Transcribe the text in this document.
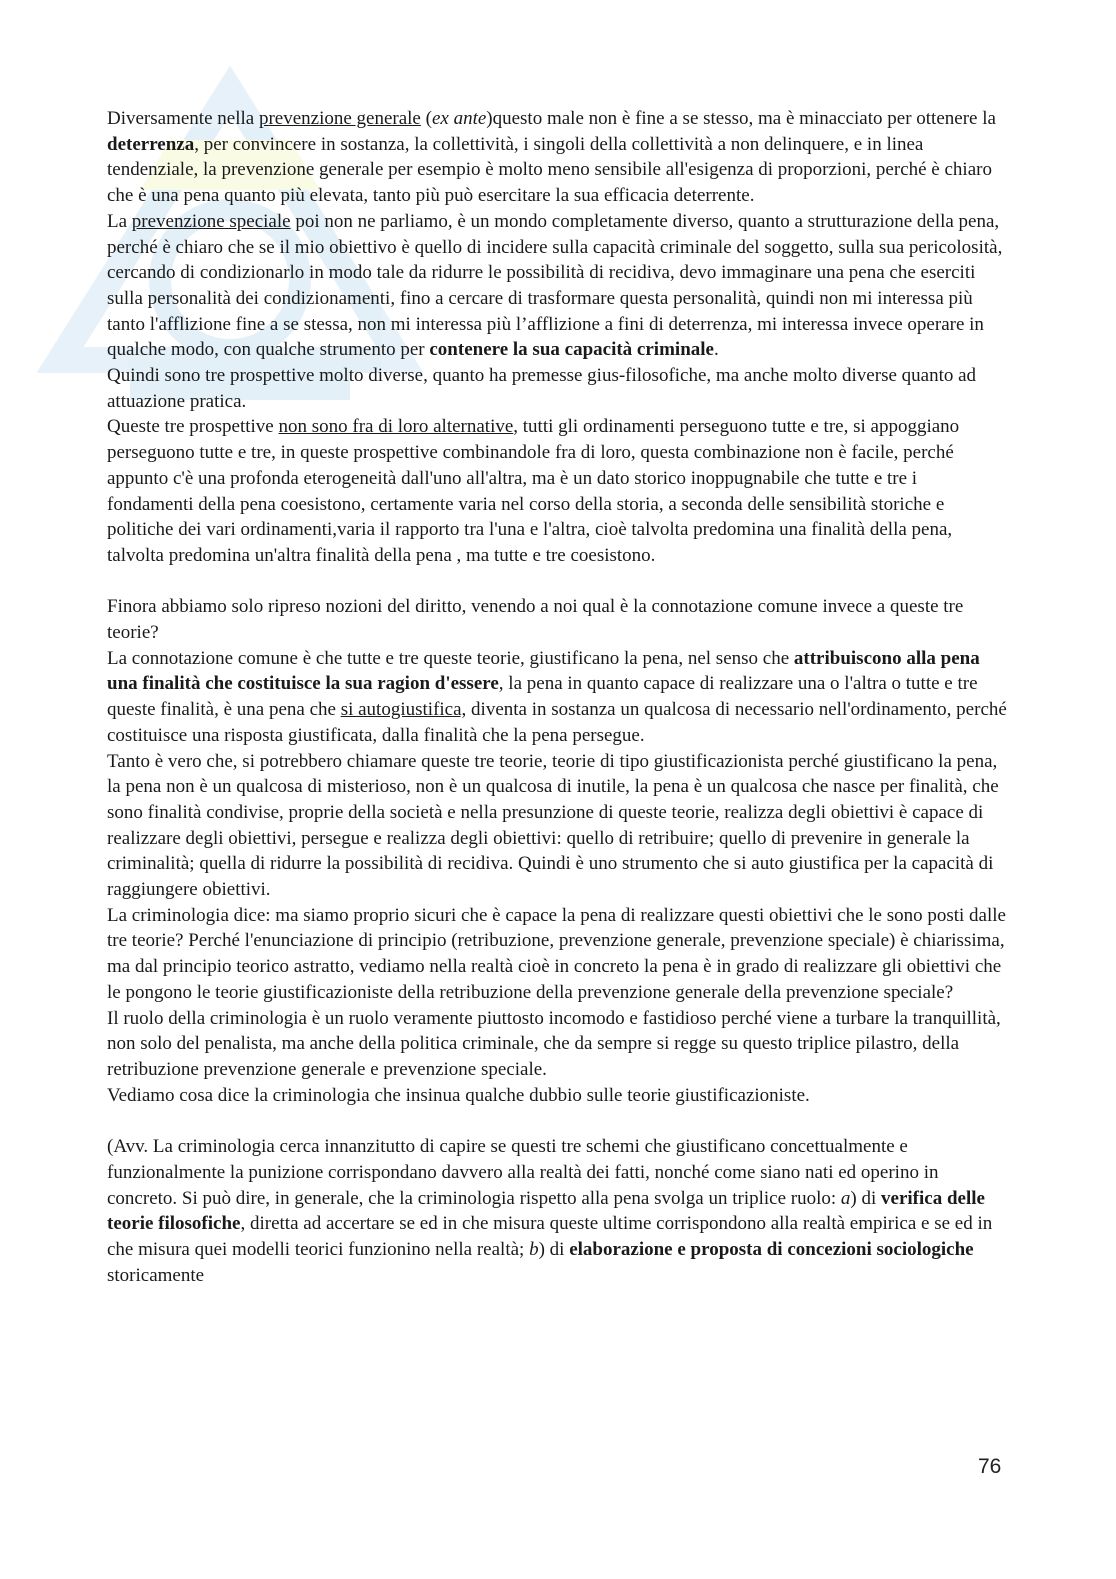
Diversamente nella prevenzione generale (ex ante)questo male non è fine a se stesso, ma è minacciato per ottenere la deterrenza, per convincere in sostanza, la collettività, i singoli della collettività a non delinquere, e in linea tendenziale, la prevenzione generale per esempio è molto meno sensibile all'esigenza di proporzioni, perché è chiaro che è una pena quanto più elevata, tanto più può esercitare la sua efficacia deterrente.

La prevenzione speciale poi non ne parliamo, è un mondo completamente diverso, quanto a strutturazione della pena, perché è chiaro che se il mio obiettivo è quello di incidere sulla capacità criminale del soggetto, sulla sua pericolosità, cercando di condizionarlo in modo tale da ridurre le possibilità di recidiva, devo immaginare una pena che eserciti sulla personalità dei condizionamenti, fino a cercare di trasformare questa personalità, quindi non mi interessa più tanto l'afflizione fine a se stessa, non mi interessa più l’afflizione a fini di deterrenza, mi interessa invece operare in qualche modo, con qualche strumento per contenere la sua capacità criminale.

Quindi sono tre prospettive molto diverse, quanto ha premesse gius-filosofiche, ma anche molto diverse quanto ad attuazione pratica.

Queste tre prospettive non sono fra di loro alternative, tutti gli ordinamenti perseguono tutte e tre, si appoggiano perseguono tutte e tre, in queste prospettive combinandole fra di loro, questa combinazione non è facile, perché appunto c'è una profonda eterogeneità dall'uno all'altra, ma è un dato storico inoppugnabile che tutte e tre i fondamenti della pena coesistono, certamente varia nel corso della storia, a seconda delle sensibilità storiche e politiche dei vari ordinamenti,varia il rapporto tra l'una e l'altra, cioè talvolta predomina una finalità della pena, talvolta predomina un'altra finalità della pena , ma tutte e tre coesistono.

Finora abbiamo solo ripreso nozioni del diritto, venendo a noi qual è la connotazione comune invece a queste tre teorie?

La connotazione comune è che tutte e tre queste teorie, giustificano la pena, nel senso che attribuiscono alla pena una finalità che costituisce la sua ragion d'essere, la pena in quanto capace di realizzare una o l'altra o tutte e tre queste finalità, è una pena che si autogiustifica, diventa in sostanza un qualcosa di necessario nell'ordinamento, perché costituisce una risposta giustificata, dalla finalità che la pena persegue.

Tanto è vero che, si potrebbero chiamare queste tre teorie, teorie di tipo giustificazionista perché giustificano la pena, la pena non è un qualcosa di misterioso, non è un qualcosa di inutile, la pena è un qualcosa che nasce per finalità, che sono finalità condivise, proprie della società e nella presunzione di queste teorie, realizza degli obiettivi è capace di realizzare degli obiettivi, persegue e realizza degli obiettivi: quello di retribuire; quello di prevenire in generale la criminalità; quella di ridurre la possibilità di recidiva. Quindi è uno strumento che si auto giustifica per la capacità di raggiungere obiettivi.

La criminologia dice: ma siamo proprio sicuri che è capace la pena di realizzare questi obiettivi che le sono posti dalle tre teorie? Perché l'enunciazione di principio (retribuzione, prevenzione generale, prevenzione speciale) è chiarissima, ma dal principio teorico astratto, vediamo nella realtà cioè in concreto la pena è in grado di realizzare gli obiettivi che le pongono le teorie giustificazioniste della retribuzione della prevenzione generale della prevenzione speciale?

Il ruolo della criminologia è un ruolo veramente piuttosto incomodo e fastidioso perché viene a turbare la tranquillità, non solo del penalista, ma anche della politica criminale, che da sempre si regge su questo triplice pilastro, della retribuzione prevenzione generale e prevenzione speciale.

Vediamo cosa dice la criminologia che insinua qualche dubbio sulle teorie giustificazioniste.

(Avv. La criminologia cerca innanzitutto di capire se questi tre schemi che giustificano concettualmente e funzionalmente la punizione corrispondano davvero alla realtà dei fatti, nonché come siano nati ed operino in concreto. Si può dire, in generale, che la criminologia rispetto alla pena svolga un triplice ruolo: a) di verifica delle teorie filosofiche, diretta ad accertare se ed in che misura queste ultime corrispondono alla realtà empirica e se ed in che misura quei modelli teorici funzionino nella realtà; b) di elaborazione e proposta di concezioni sociologiche storicamente

76
